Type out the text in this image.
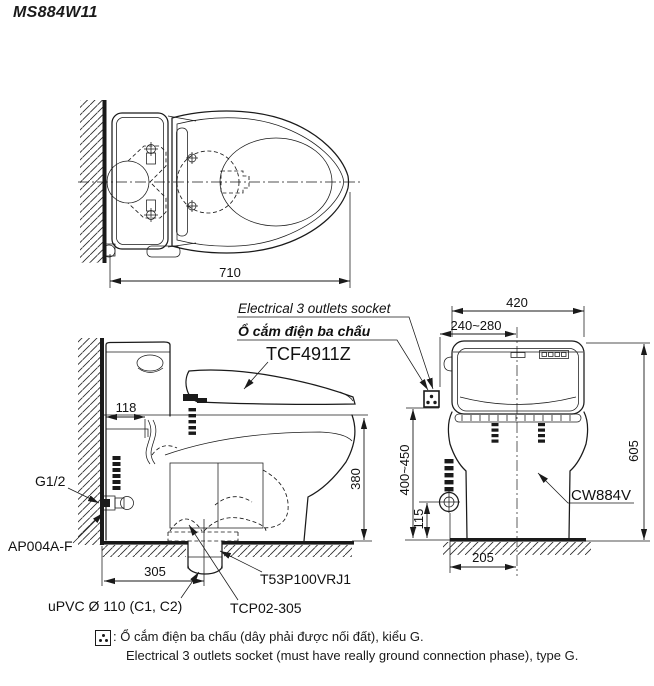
MS884W11
710
118
380
305
G1/2
AP004A-F
uPVC Ø 110 (C1, C2)	TCP02-305
T53P100VRJ1
TCF4911Z
Electrical 3 outlets socket
Ổ cắm điện ba chấu
420
240~280
605
400~450
115
205
CW884V
: Ổ cắm điện ba chấu (dây phải được nối đất), kiểu G.
Electrical 3 outlets socket (must have really ground connection phase), type G.
